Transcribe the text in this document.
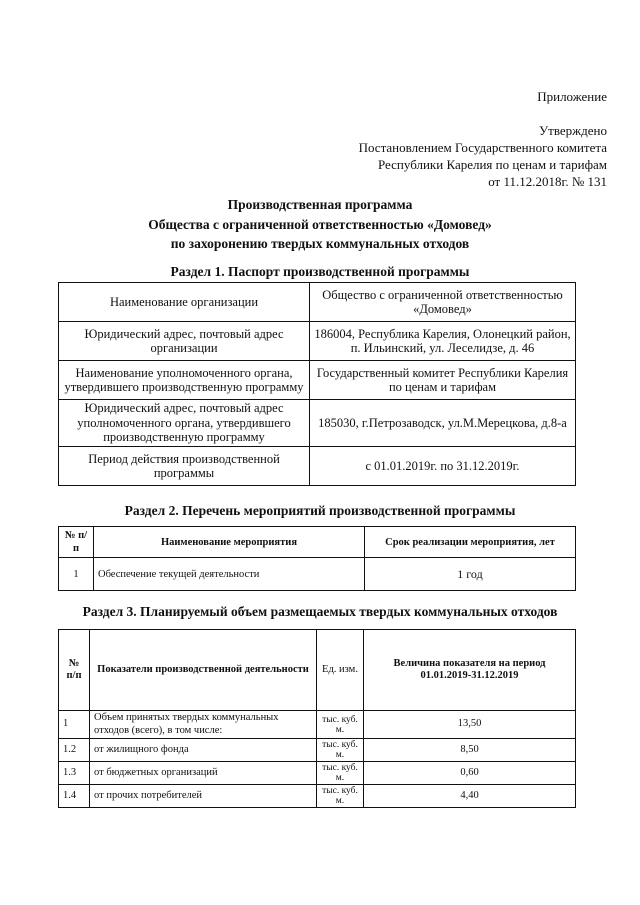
Приложение
Утверждено
Постановлением Государственного комитета
Республики Карелия по ценам и тарифам
от 11.12.2018г. № 131
Производственная программа
Общества с ограниченной ответственностью «Домовед»
по захоронению твердых коммунальных отходов
Раздел 1. Паспорт производственной программы
Наименование организации	Общество с ограниченной ответственностью «Домовед»
Юридический адрес, почтовый адрес организации	186004, Республика Карелия, Олонецкий район, п. Ильинский, ул. Леселидзе, д. 46
Наименование уполномоченного органа, утвердившего производственную программу	Государственный комитет Республики Карелия по ценам и тарифам
Юридический адрес, почтовый адрес уполномоченного органа, утвердившего производственную программу	185030, г.Петрозаводск, ул.М.Мерецкова, д.8-а
Период действия производственной программы	с 01.01.2019г. по 31.12.2019г.
Раздел 2. Перечень мероприятий производственной программы
№ п/п	Наименование мероприятия	Срок реализации мероприятия, лет
1	Обеспечение текущей деятельности	1 год
Раздел 3. Планируемый объем размещаемых твердых коммунальных отходов
№ п/п	Показатели производственной деятельности	Ед. изм.	Величина показателя на период 01.01.2019-31.12.2019
1	Объем принятых твердых коммунальных отходов (всего), в том числе:	тыс. куб. м.	13,50
1.2	от жилищного фонда	тыс. куб. м.	8,50
1.3	от бюджетных организаций	тыс. куб. м.	0,60
1.4	от прочих потребителей	тыс. куб. м.	4,40
